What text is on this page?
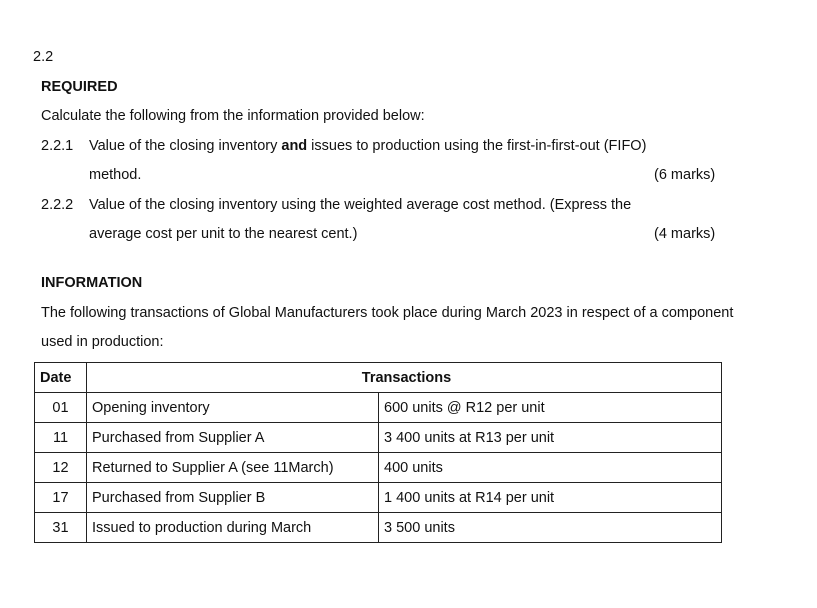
2.2
REQUIRED
Calculate the following from the information provided below:
2.2.1 Value of the closing inventory and issues to production using the first-in-first-out (FIFO)
method.	(6 marks)
2.2.2 Value of the closing inventory using the weighted average cost method. (Express the
average cost per unit to the nearest cent.)	(4 marks)
INFORMATION
The following transactions of Global Manufacturers took place during March 2023 in respect of a component
used in production:
Date	Transactions	
01	Opening inventory	600 units @ R12 per unit
11	Purchased from Supplier A	3 400 units at R13 per unit
12	Returned to Supplier A (see 11March)	400 units
17	Purchased from Supplier B	1 400 units at R14 per unit
31	Issued to production during March	3 500 units
